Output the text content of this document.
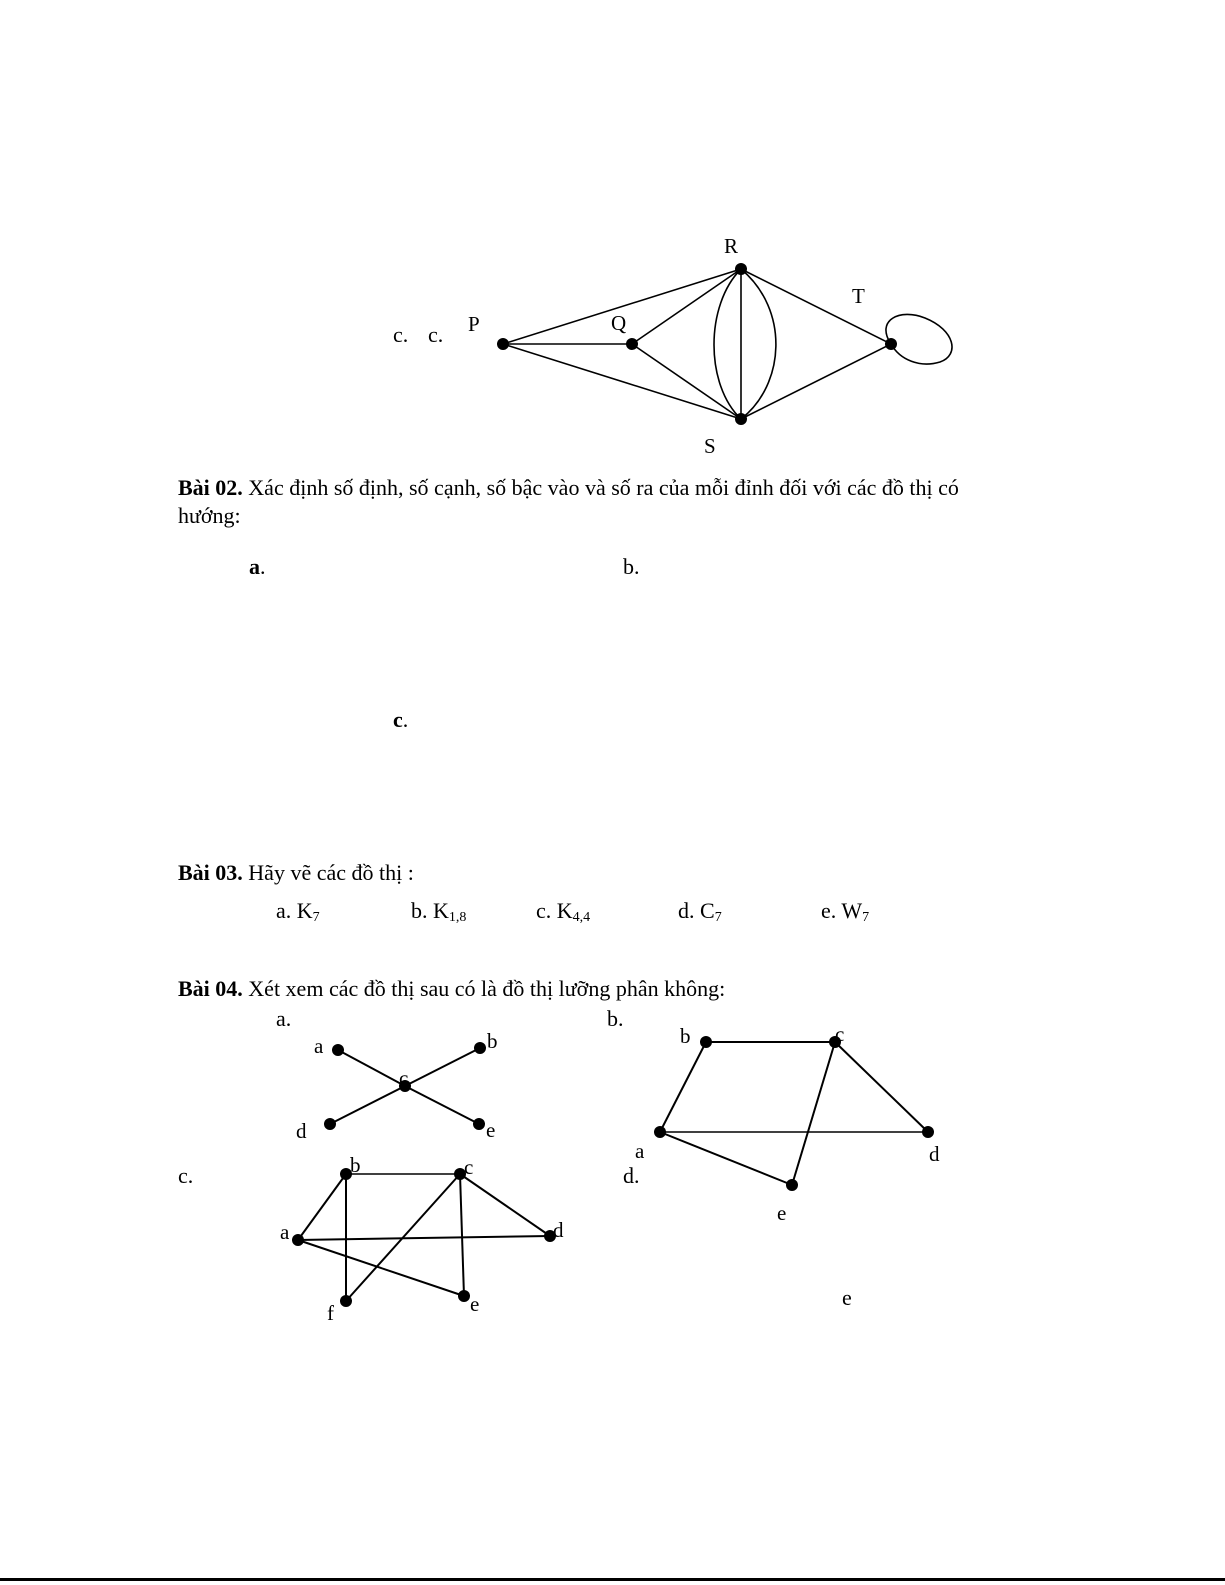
c. c. P	Q
R
S
T
Bài 02. Xác định số định, số cạnh, số bậc vào và số ra của mỗi đỉnh đối với các đồ thị có
hướng:
a.	b.
c.
Bài 03. Hãy vẽ các đồ thị :
a. $K_7$	b. $K_{1,8}$	c. $K_{4,4}$	d. $C_7$	e. $W_7$
Bài 04. Xét xem các đồ thị sau có là đồ thị lưỡng phân không:
a.	b.
c.	d.
e
a	b
c
d	e
b	c
a	d
e
b	c
a	d
e
f
